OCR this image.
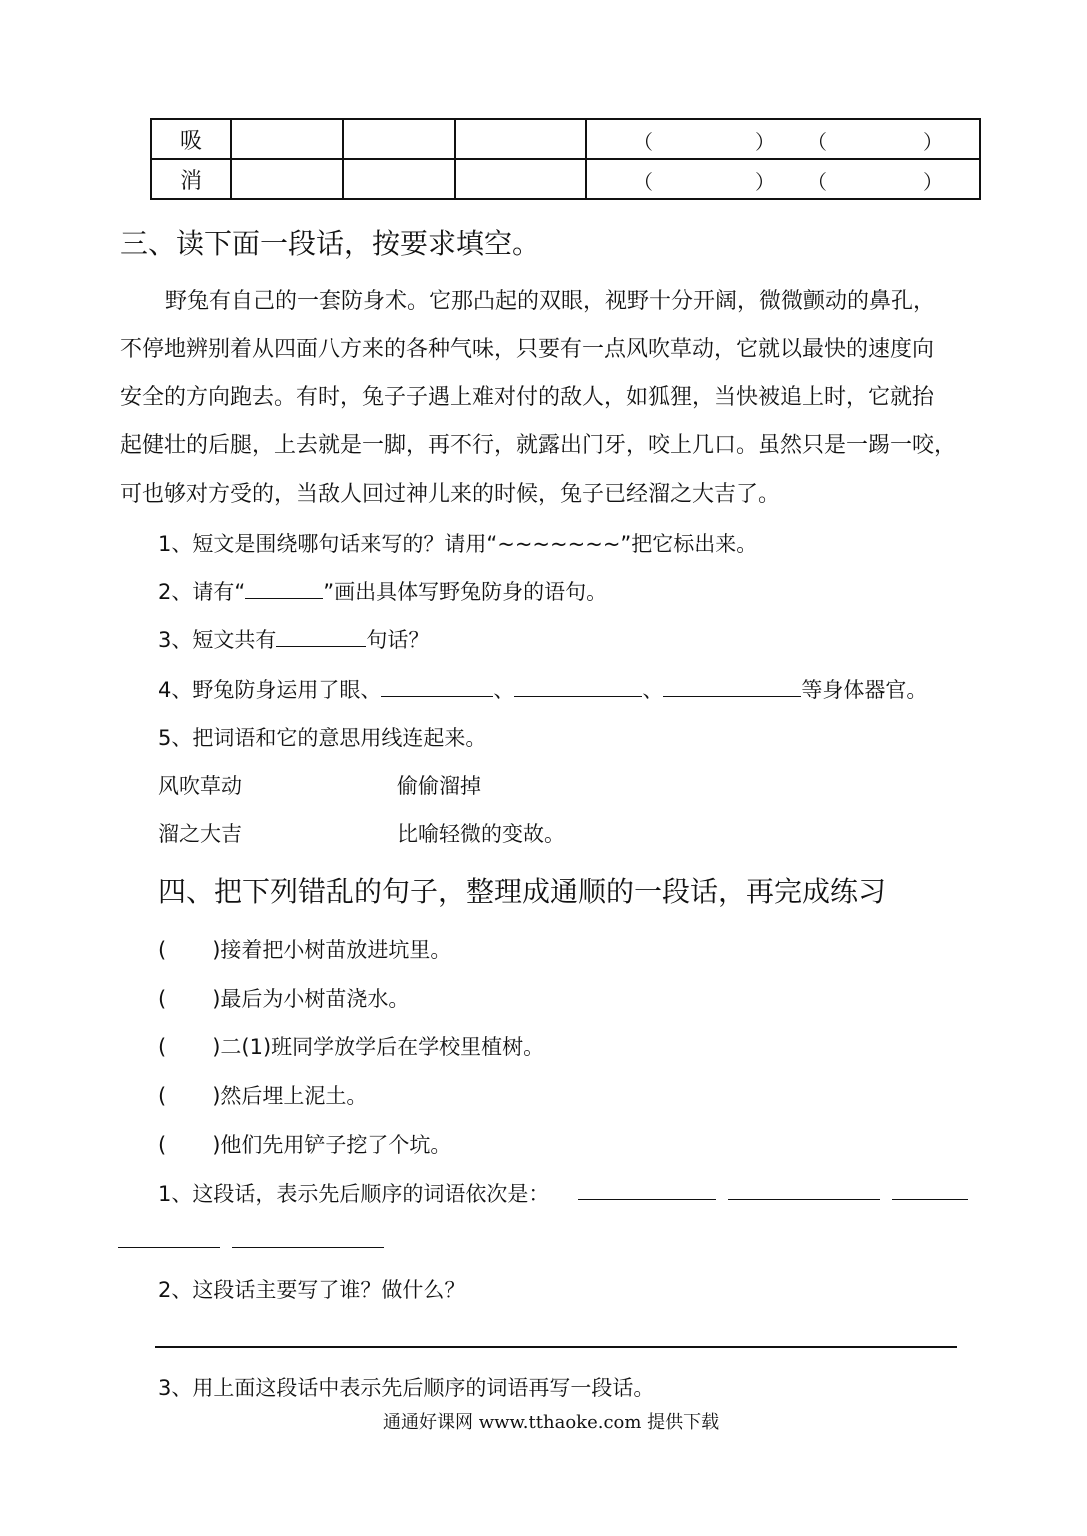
吸				（ ） （ ）

消				（ ） （ ）
三、读下面一段话，按要求填空。
野兔有自己的一套防身术。它那凸起的双眼，视野十分开阔，微微颤动的鼻孔，
不停地辨别着从四面八方来的各种气味，只要有一点风吹草动，它就以最快的速度向
安全的方向跑去。有时，兔子子遇上难对付的敌人，如狐狸，当快被追上时，它就抬
起健壮的后腿，上去就是一脚，再不行，就露出门牙，咬上几口。虽然只是一踢一咬，
可也够对方受的，当敌人回过神儿来的时候，兔子已经溜之大吉了。
1、短文是围绕哪句话来写的？请用“~~~~~~~”把它标出来。
2、请有“	”画出具体写野兔防身的语句。
3、短文共有	句话？
4、野兔防身运用了眼、	、	、	等身体器官。
5、把词语和它的意思用线连起来。
风吹草动	偷偷溜掉
溜之大吉	比喻轻微的变故。
四、把下列错乱的句子，整理成通顺的一段话，再完成练习
( )接着把小树苗放进坑里。
( )最后为小树苗浇水。
( )二(1)班同学放学后在学校里植树。
( )然后埋上泥土。
( )他们先用铲子挖了个坑。
1、这段话，表示先后顺序的词语依次是：
2、这段话主要写了谁？做什么？
3、用上面这段话中表示先后顺序的词语再写一段话。
通通好课网 www.tthaoke.com 提供下载
